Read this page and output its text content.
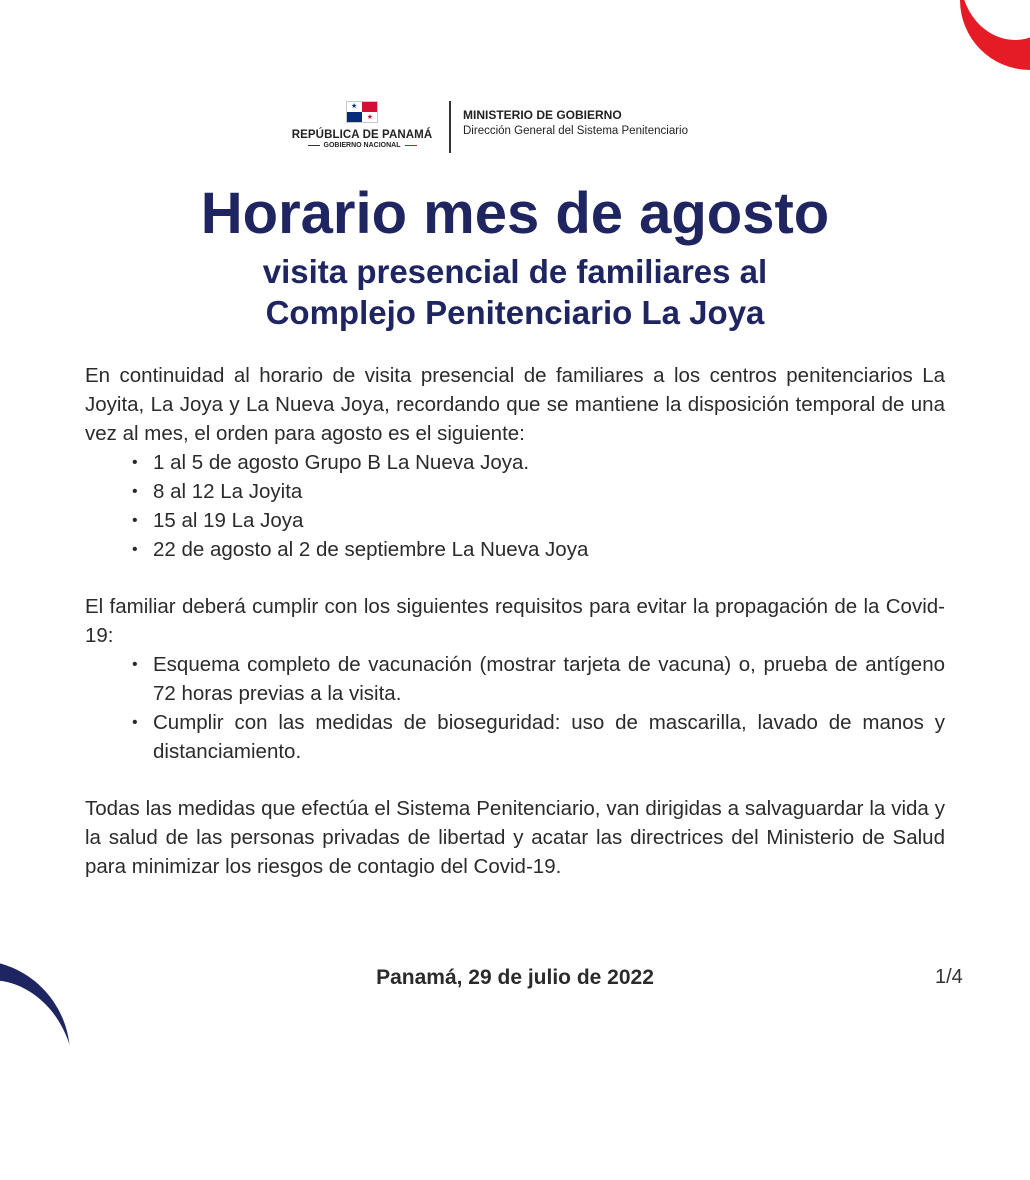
★
★
REPÚBLICA DE PANAMÁ
GOBIERNO NACIONAL
MINISTERIO DE GOBIERNO
Dirección General del Sistema Penitenciario
Horario mes de agosto
visita presencial de familiares al
Complejo Penitenciario La Joya

En continuidad al horario de visita presencial de familiares a los centros penitenciarios La Joyita, La Joya y La Nueva Joya, recordando que se mantiene la disposición temporal de una vez al mes, el orden para agosto es el siguiente:

• 1 al 5 de agosto Grupo B La Nueva Joya.
• 8 al 12 La Joyita
• 15 al 19 La Joya
• 22 de agosto al 2 de septiembre La Nueva Joya

El familiar deberá cumplir con los siguientes requisitos para evitar la propagación de la Covid-19:

• Esquema completo de vacunación (mostrar tarjeta de vacuna) o, prueba de antígeno 72 horas previas a la visita.
• Cumplir con las medidas de bioseguridad: uso de mascarilla, lavado de manos y distanciamiento.

Todas las medidas que efectúa el Sistema Penitenciario, van dirigidas a salvaguardar la vida y la salud de las personas privadas de libertad y acatar las directrices del Ministerio de Salud para minimizar los riesgos de contagio del Covid-19.

Panamá, 29 de julio de 2022	1/4
